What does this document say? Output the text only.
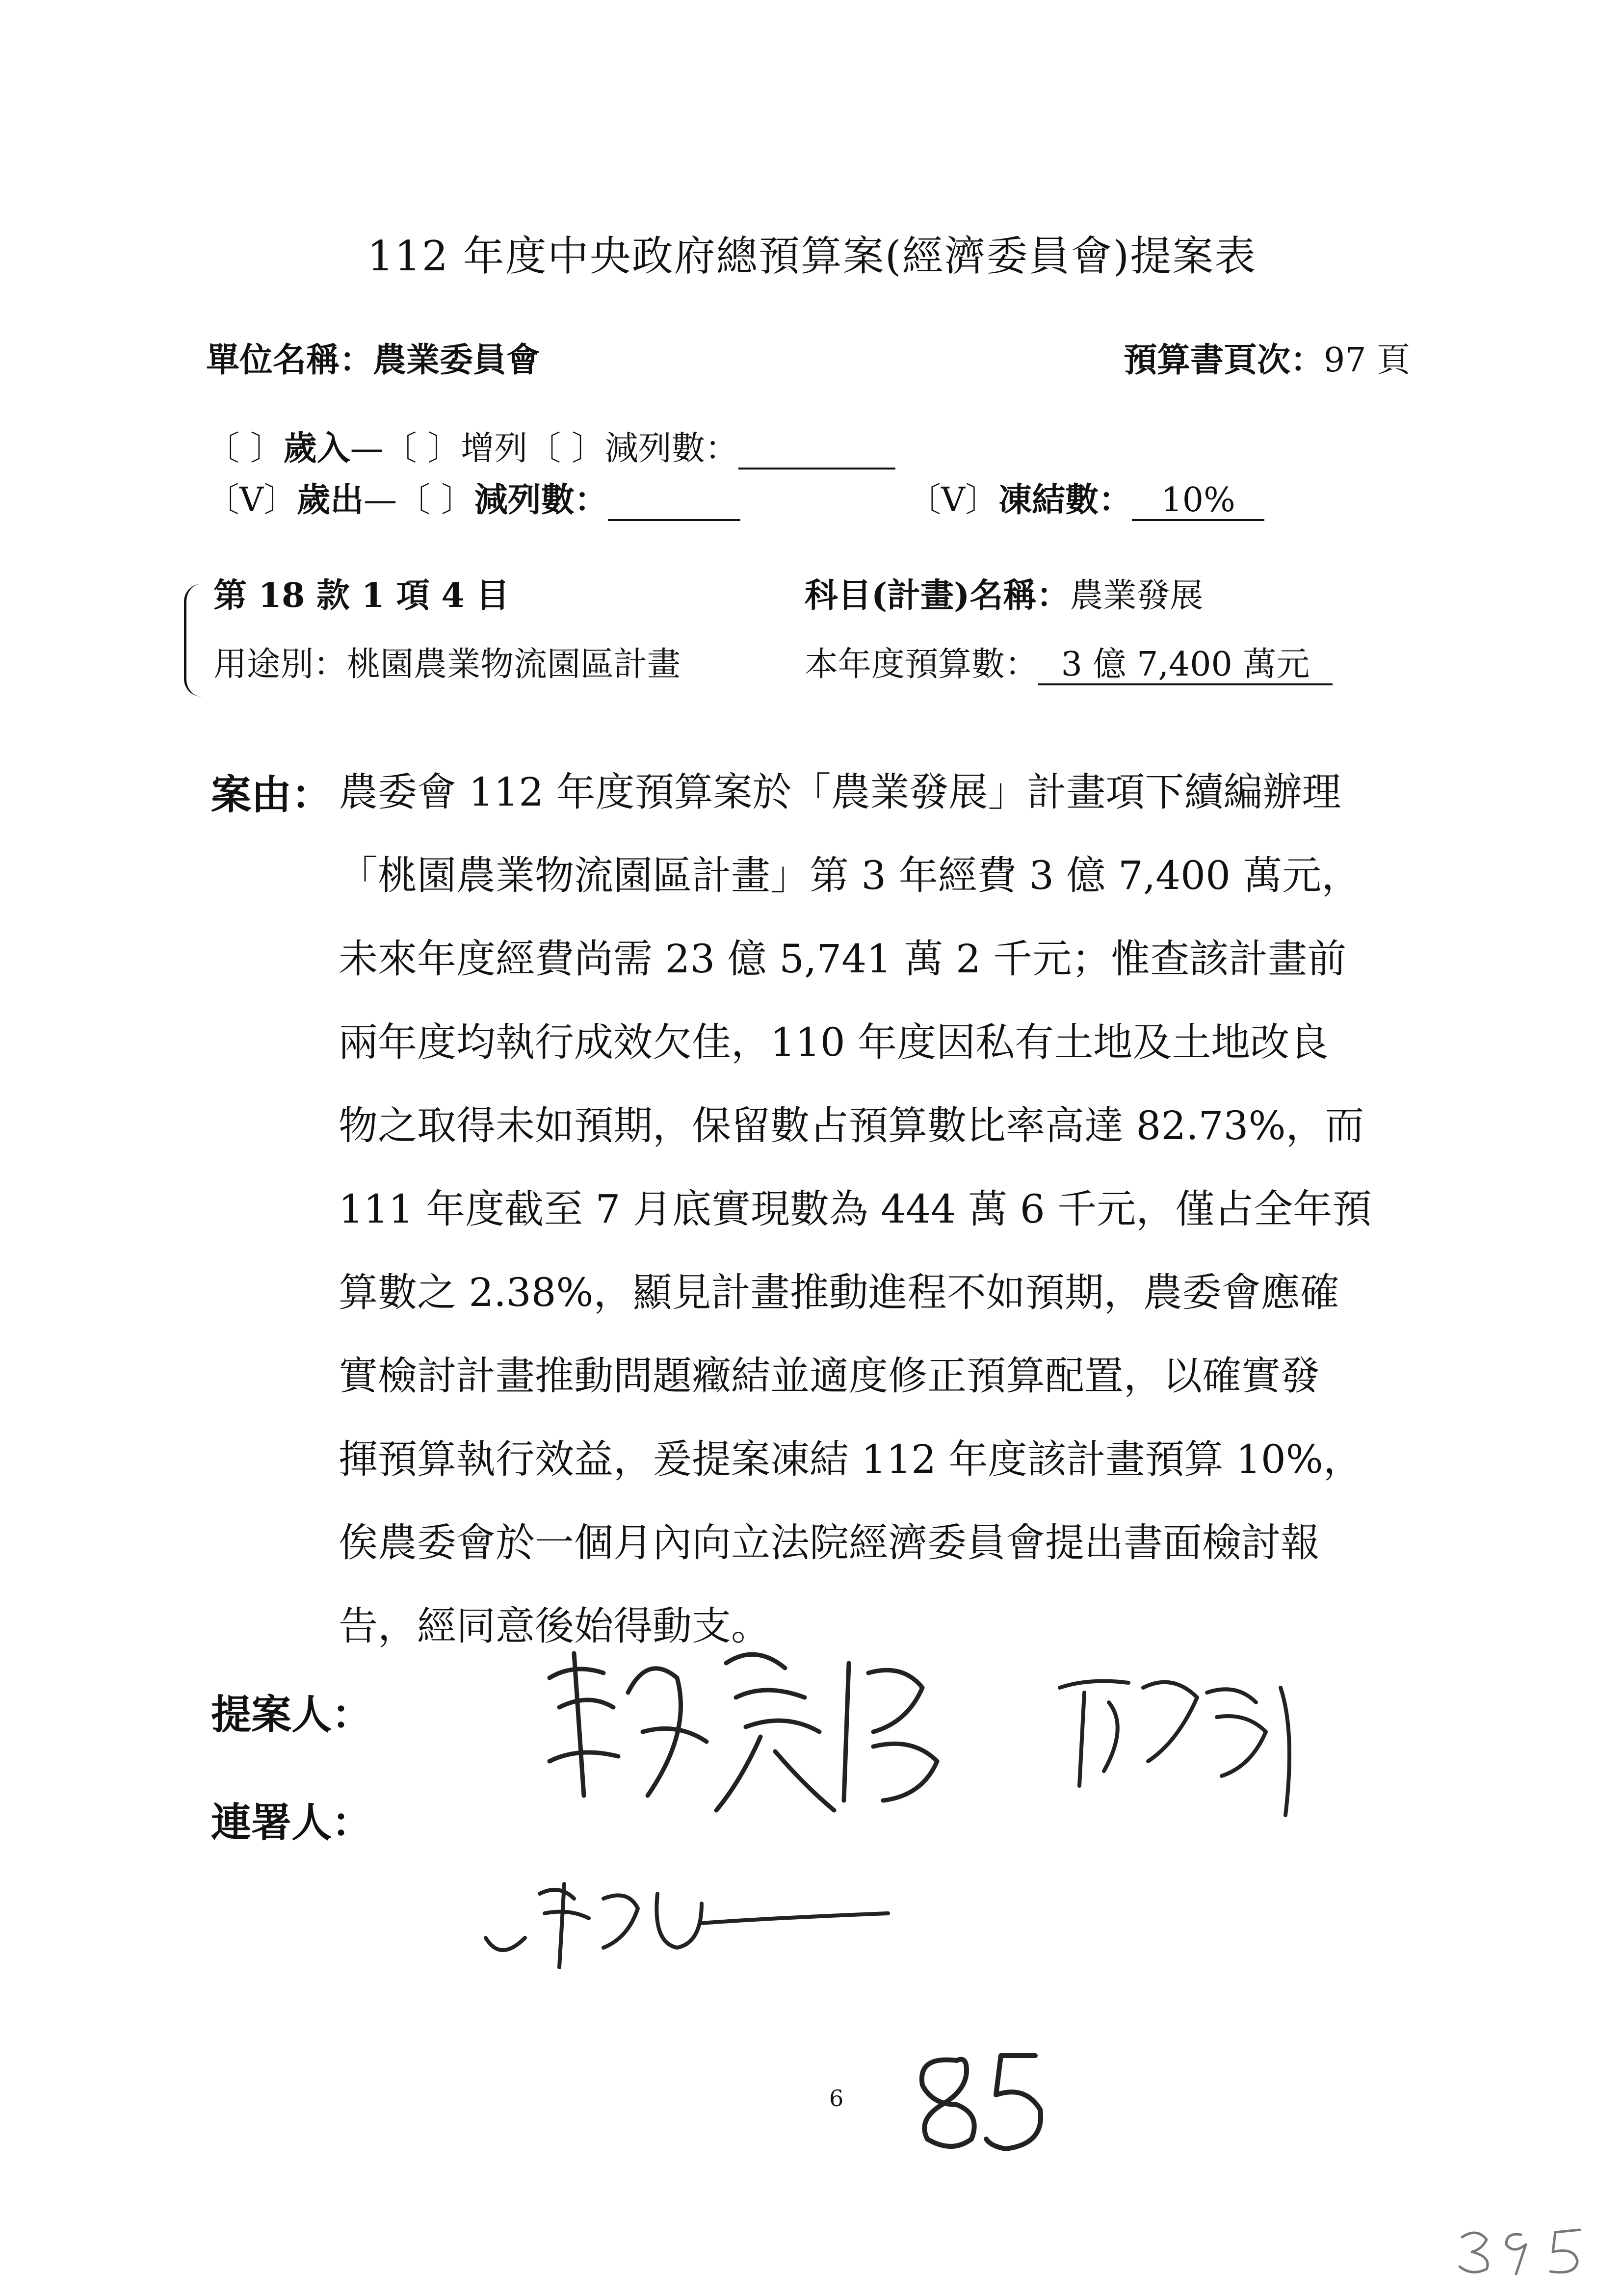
112 年度中央政府總預算案(經濟委員會)提案表
單位名稱：農業委員會	預算書頁次：97 頁
〔 〕歲入—〔 〕增列〔 〕減列數：
〔V〕歲出—〔 〕減列數：	〔V〕凍結數： 10%
第 18 款 1 項 4 目	科目(計畫)名稱：農業發展
用途別：桃園農業物流園區計畫	本年度預算數： 3 億 7,400 萬元
案由： 農委會 112 年度預算案於「農業發展」計畫項下續編辦理
「桃園農業物流園區計畫」第 3 年經費 3 億 7,400 萬元，
未來年度經費尚需 23 億 5,741 萬 2 千元；惟查該計畫前
兩年度均執行成效欠佳，110 年度因私有土地及土地改良
物之取得未如預期，保留數占預算數比率高達 82.73%，而
111 年度截至 7 月底實現數為 444 萬 6 千元，僅占全年預
算數之 2.38%，顯見計畫推動進程不如預期，農委會應確
實檢討計畫推動問題癥結並適度修正預算配置，以確實發
揮預算執行效益，爰提案凍結 112 年度該計畫預算 10%，
俟農委會於一個月內向立法院經濟委員會提出書面檢討報
告，經同意後始得動支。
提案人：
連署人：
6
